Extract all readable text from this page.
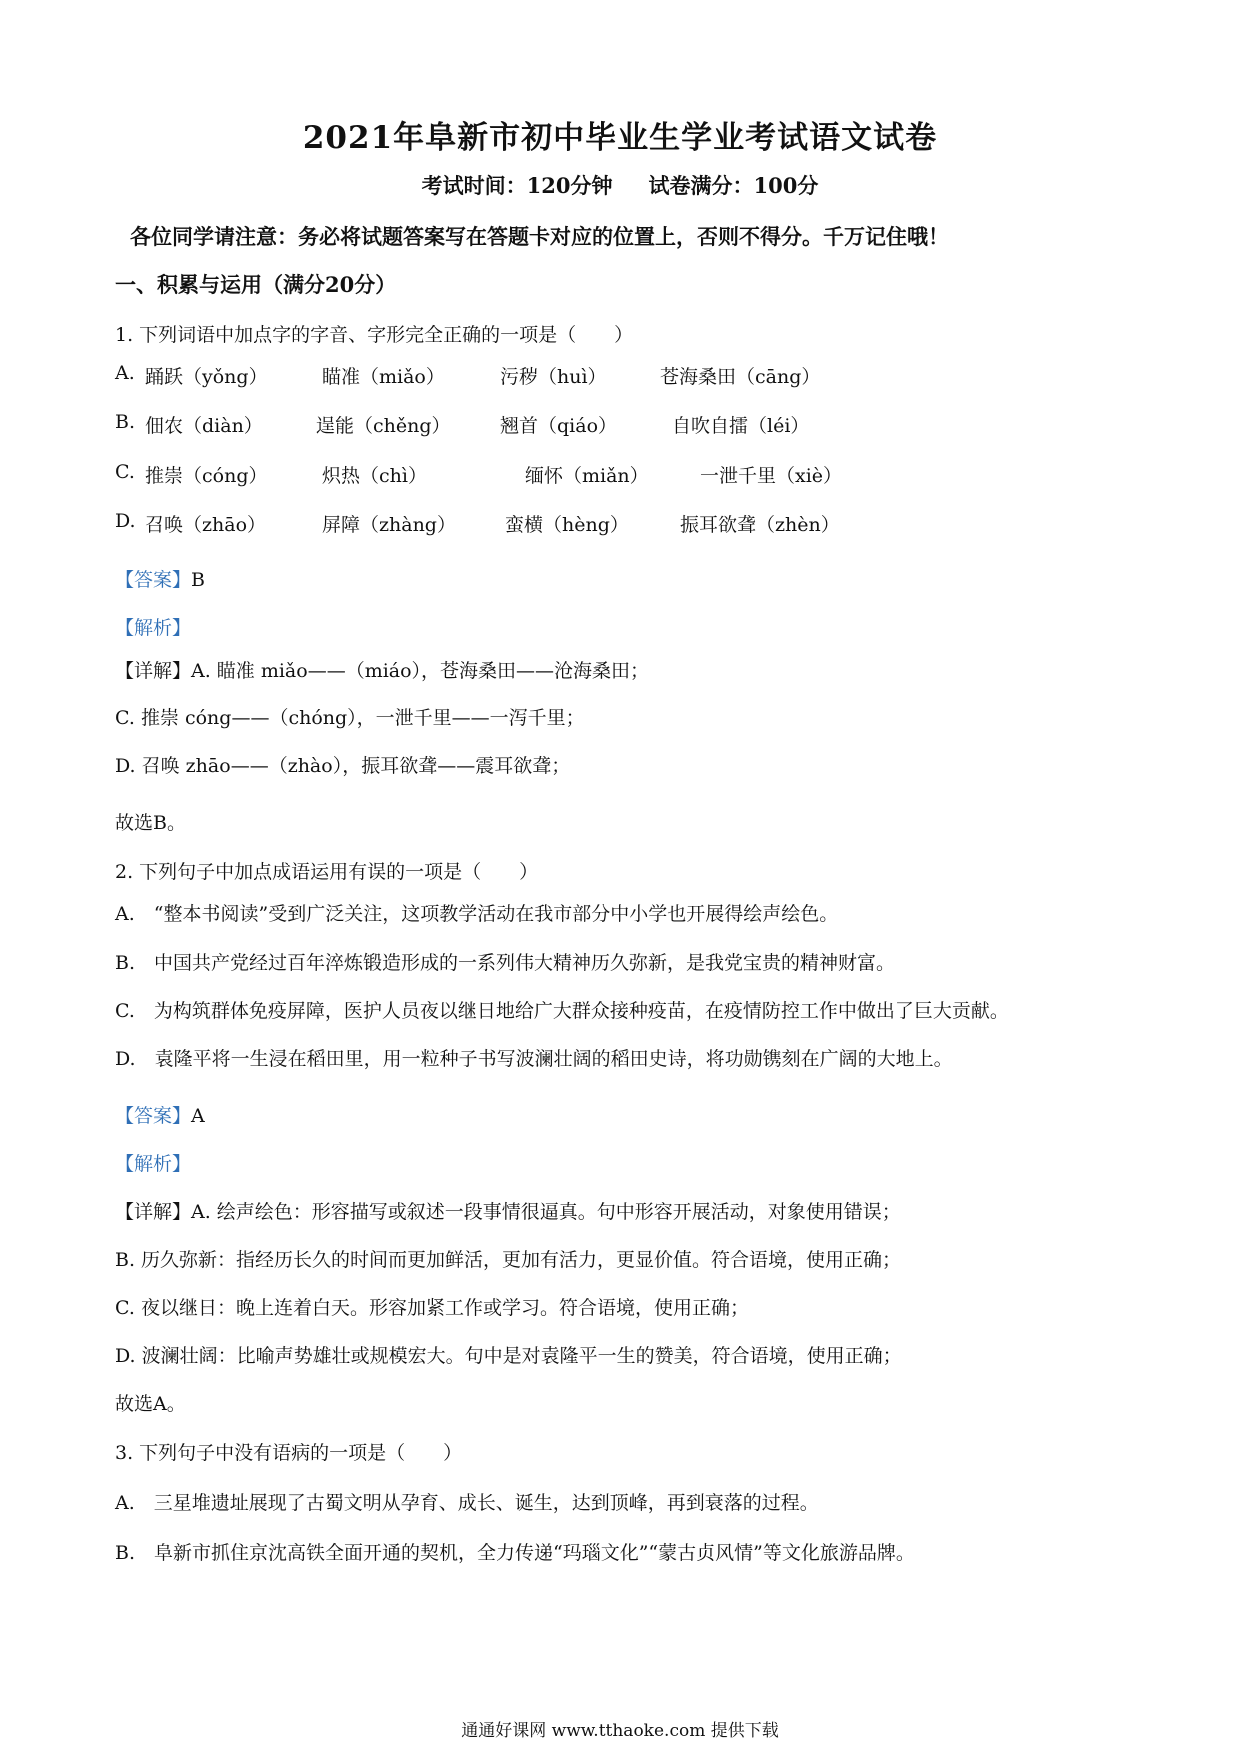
2021年阜新市初中毕业生学业考试语文试卷
考试时间：120分钟 试卷满分：100分
各位同学请注意：务必将试题答案写在答题卡对应的位置上，否则不得分。千万记住哦！
一、积累与运用（满分20分）
1. 下列词语中加点字的字音、字形完全正确的一项是（　　）
A. 踊跃（yǒng）	瞄准（miǎo）	污秽（huì）	苍海桑田（cāng）
B. 佃农（diàn）	逞能（chěng）	翘首（qiáo）	自吹自擂（léi）
C. 推崇（cóng）	炽热（chì）	缅怀（miǎn）	一泄千里（xiè）
D. 召唤（zhāo）	屏障（zhàng）	蛮横（hèng）	振耳欲聋（zhèn）
【答案】B
【解析】
【详解】A. 瞄准 miǎo——（miáo），苍海桑田——沧海桑田；
C. 推崇 cóng——（chóng），一泄千里——一泻千里；
D. 召唤 zhāo——（zhào），振耳欲聋——震耳欲聋；
故选B。
2. 下列句子中加点成语运用有误的一项是（　　）
A.　“整本书阅读”受到广泛关注，这项教学活动在我市部分中小学也开展得绘声绘色。
B.　中国共产党经过百年淬炼锻造形成的一系列伟大精神历久弥新，是我党宝贵的精神财富。
C.　为构筑群体免疫屏障，医护人员夜以继日地给广大群众接种疫苗，在疫情防控工作中做出了巨大贡献。
D.　袁隆平将一生浸在稻田里，用一粒种子书写波澜壮阔的稻田史诗，将功勋镌刻在广阔的大地上。
【答案】A
【解析】
【详解】A. 绘声绘色：形容描写或叙述一段事情很逼真。句中形容开展活动，对象使用错误；
B. 历久弥新：指经历长久的时间而更加鲜活，更加有活力，更显价值。符合语境，使用正确；
C. 夜以继日：晚上连着白天。形容加紧工作或学习。符合语境，使用正确；
D. 波澜壮阔：比喻声势雄壮或规模宏大。句中是对袁隆平一生的赞美，符合语境，使用正确；
故选A。
3. 下列句子中没有语病的一项是（　　）
A.　三星堆遗址展现了古蜀文明从孕育、成长、诞生，达到顶峰，再到衰落的过程。
B.　阜新市抓住京沈高铁全面开通的契机，全力传递“玛瑙文化”“蒙古贞风情”等文化旅游品牌。
通通好课网 www.tthaoke.com 提供下载
